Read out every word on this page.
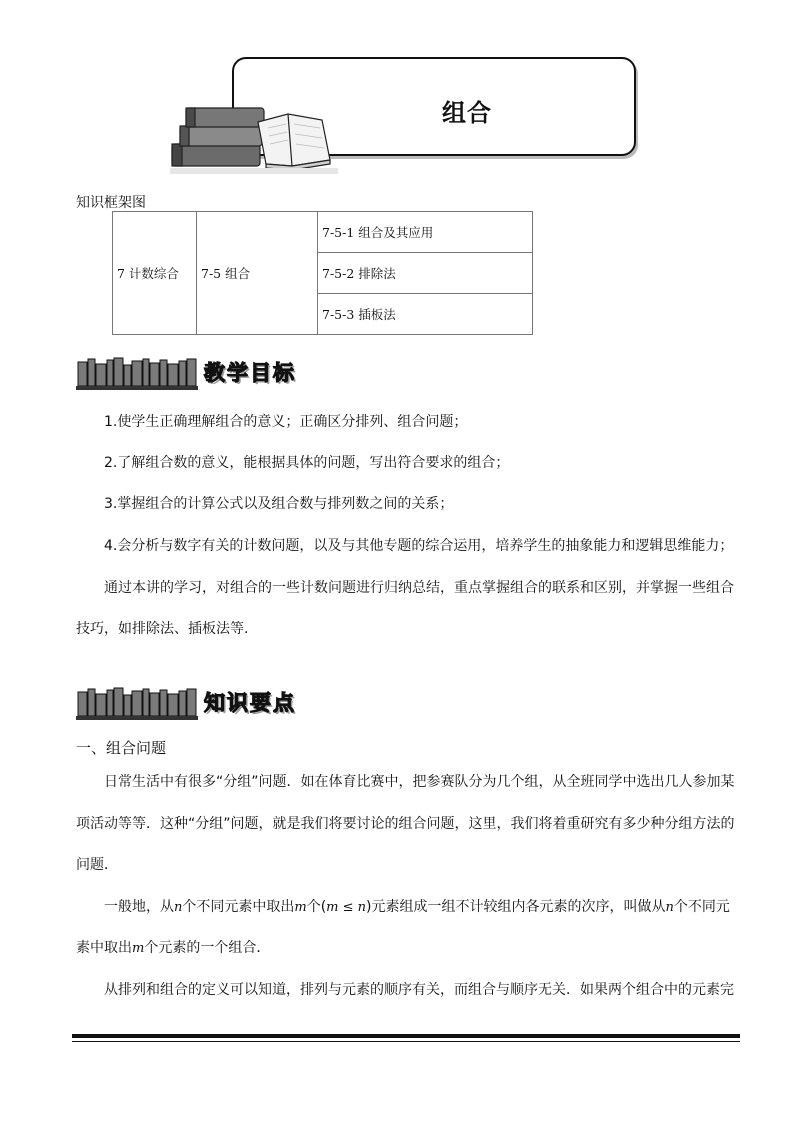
组合
知识框架图
7 计数综合	7-5 组合	7-5-1 组合及其应用
7-5-2 排除法
7-5-3 插板法
教学目标
1.使学生正确理解组合的意义；正确区分排列、组合问题；
2.了解组合数的意义，能根据具体的问题，写出符合要求的组合；
3.掌握组合的计算公式以及组合数与排列数之间的关系；
4.会分析与数字有关的计数问题，以及与其他专题的综合运用，培养学生的抽象能力和逻辑思维能力；
通过本讲的学习，对组合的一些计数问题进行归纳总结，重点掌握组合的联系和区别，并掌握一些组合
技巧，如排除法、插板法等.
知识要点
一、组合问题
日常生活中有很多“分组”问题．如在体育比赛中，把参赛队分为几个组，从全班同学中选出几人参加某
项活动等等．这种“分组”问题，就是我们将要讨论的组合问题，这里，我们将着重研究有多少种分组方法的
问题．
一般地，从n个不同元素中取出m个(m ≤ n)元素组成一组不计较组内各元素的次序，叫做从n个不同元
素中取出m个元素的一个组合．
从排列和组合的定义可以知道，排列与元素的顺序有关，而组合与顺序无关．如果两个组合中的元素完
